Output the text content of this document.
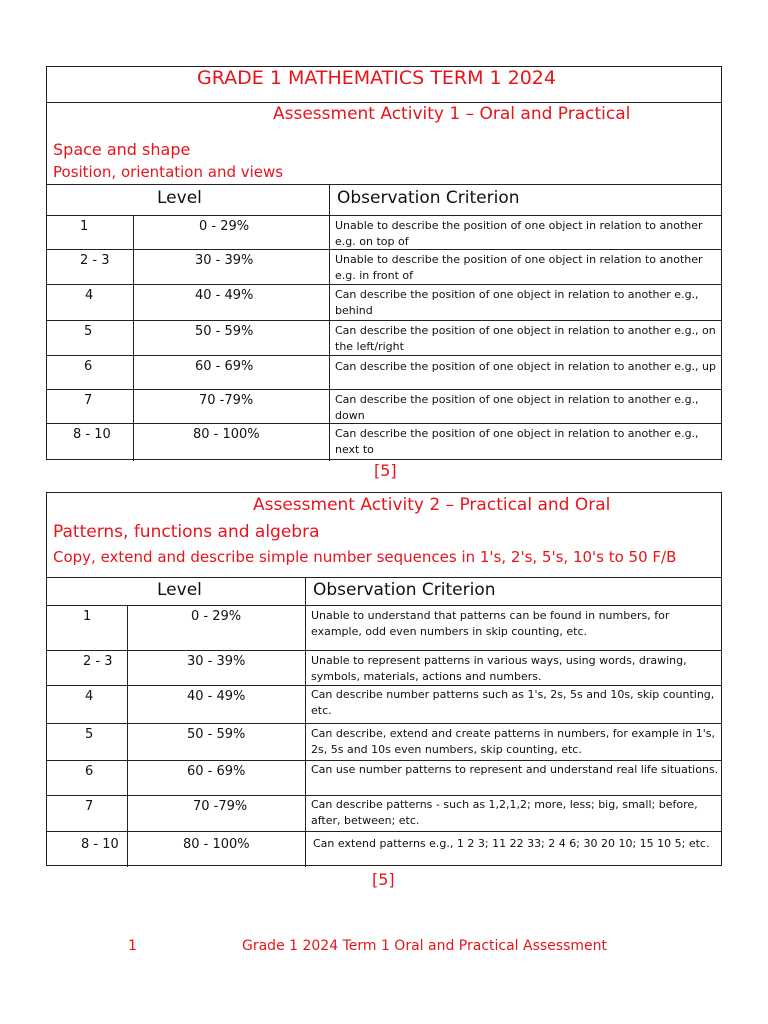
GRADE 1 MATHEMATICS TERM 1 2024
Assessment Activity 1 – Oral and Practical
Space and shape
Position, orientation and views
Level	Observation Criterion
1	0 - 29%	Unable to describe the position of one object in relation to another e.g. on top of
2 - 3	30 - 39%	Unable to describe the position of one object in relation to another e.g. in front of
4	40 - 49%	Can describe the position of one object in relation to another e.g., behind
5	50 - 59%	Can describe the position of one object in relation to another e.g., on the left/right
6	60 - 69%	Can describe the position of one object in relation to another e.g., up
7	70 -79%	Can describe the position of one object in relation to another e.g., down
8 - 10	80 - 100%	Can describe the position of one object in relation to another e.g., next to
[5]
Assessment Activity 2 – Practical and Oral
Patterns, functions and algebra
Copy, extend and describe simple number sequences in 1's, 2's, 5's, 10's to 50 F/B
Level	Observation Criterion
1	0 - 29%	Unable to understand that patterns can be found in numbers, for example, odd even numbers in skip counting, etc.
2 - 3	30 - 39%	Unable to represent patterns in various ways, using words, drawing, symbols, materials, actions and numbers.
4	40 - 49%	Can describe number patterns such as 1's, 2s, 5s and 10s, skip counting, etc.
5	50 - 59%	Can describe, extend and create patterns in numbers, for example in 1's, 2s, 5s and 10s even numbers, skip counting, etc.
6	60 - 69%	Can use number patterns to represent and understand real life situations.
7	70 -79%	Can describe patterns - such as 1,2,1,2; more, less; big, small; before, after, between; etc.
8 - 10	80 - 100%	Can extend patterns e.g., 1 2 3; 11 22 33; 2 4 6; 30 20 10; 15 10 5; etc.
[5]
1	Grade 1 2024 Term 1 Oral and Practical Assessment
